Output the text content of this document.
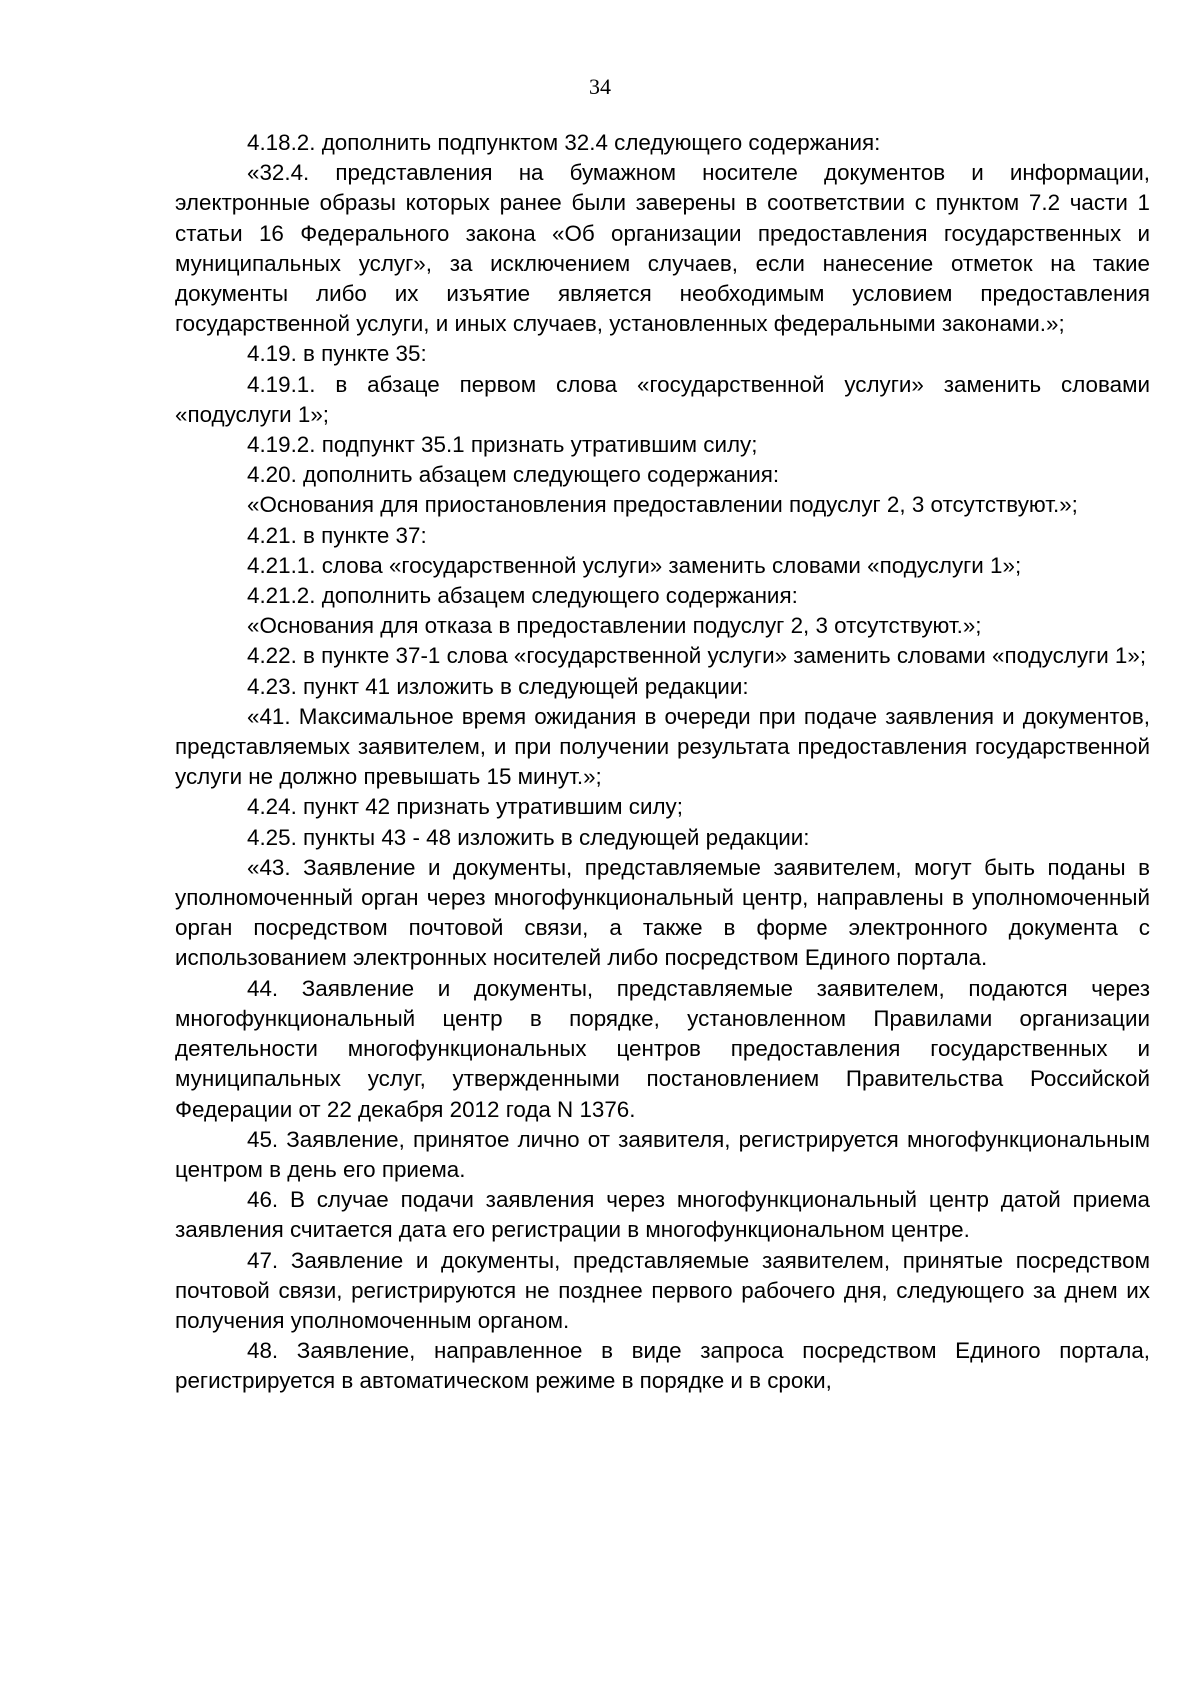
34

4.18.2. дополнить подпунктом 32.4 следующего содержания:

«32.4. представления на бумажном носителе документов и информации, электронные образы которых ранее были заверены в соответствии с пунктом 7.2 части 1 статьи 16 Федерального закона «Об организации предоставления государственных и муниципальных услуг», за исключением случаев, если нанесение отметок на такие документы либо их изъятие является необходимым условием предоставления государственной услуги, и иных случаев, установленных федеральными законами.»;

4.19. в пункте 35:

4.19.1. в абзаце первом слова «государственной услуги» заменить словами «подуслуги 1»;

4.19.2. подпункт 35.1 признать утратившим силу;

4.20. дополнить абзацем следующего содержания:

«Основания для приостановления предоставлении подуслуг 2, 3 отсутствуют.»;

4.21. в пункте 37:

4.21.1. слова «государственной услуги» заменить словами «подуслуги 1»;

4.21.2. дополнить абзацем следующего содержания:

«Основания для отказа в предоставлении подуслуг 2, 3 отсутствуют.»;

4.22. в пункте 37-1 слова «государственной услуги» заменить словами «подуслуги 1»;

4.23. пункт 41 изложить в следующей редакции:

«41. Максимальное время ожидания в очереди при подаче заявления и документов, представляемых заявителем, и при получении результата предоставления государственной услуги не должно превышать 15 минут.»;

4.24. пункт 42 признать утратившим силу;

4.25. пункты 43 - 48 изложить в следующей редакции:

«43. Заявление и документы, представляемые заявителем, могут быть поданы в уполномоченный орган через многофункциональный центр, направлены в уполномоченный орган посредством почтовой связи, а также в форме электронного документа с использованием электронных носителей либо посредством Единого портала.

44. Заявление и документы, представляемые заявителем, подаются через многофункциональный центр в порядке, установленном Правилами организации деятельности многофункциональных центров предоставления государственных и муниципальных услуг, утвержденными постановлением Правительства Российской Федерации от 22 декабря 2012 года N 1376.

45. Заявление, принятое лично от заявителя, регистрируется многофункциональным центром в день его приема.

46. В случае подачи заявления через многофункциональный центр датой приема заявления считается дата его регистрации в многофункциональном центре.

47. Заявление и документы, представляемые заявителем, принятые посредством почтовой связи, регистрируются не позднее первого рабочего дня, следующего за днем их получения уполномоченным органом.

48. Заявление, направленное в виде запроса посредством Единого портала, регистрируется в автоматическом режиме в порядке и в сроки,
